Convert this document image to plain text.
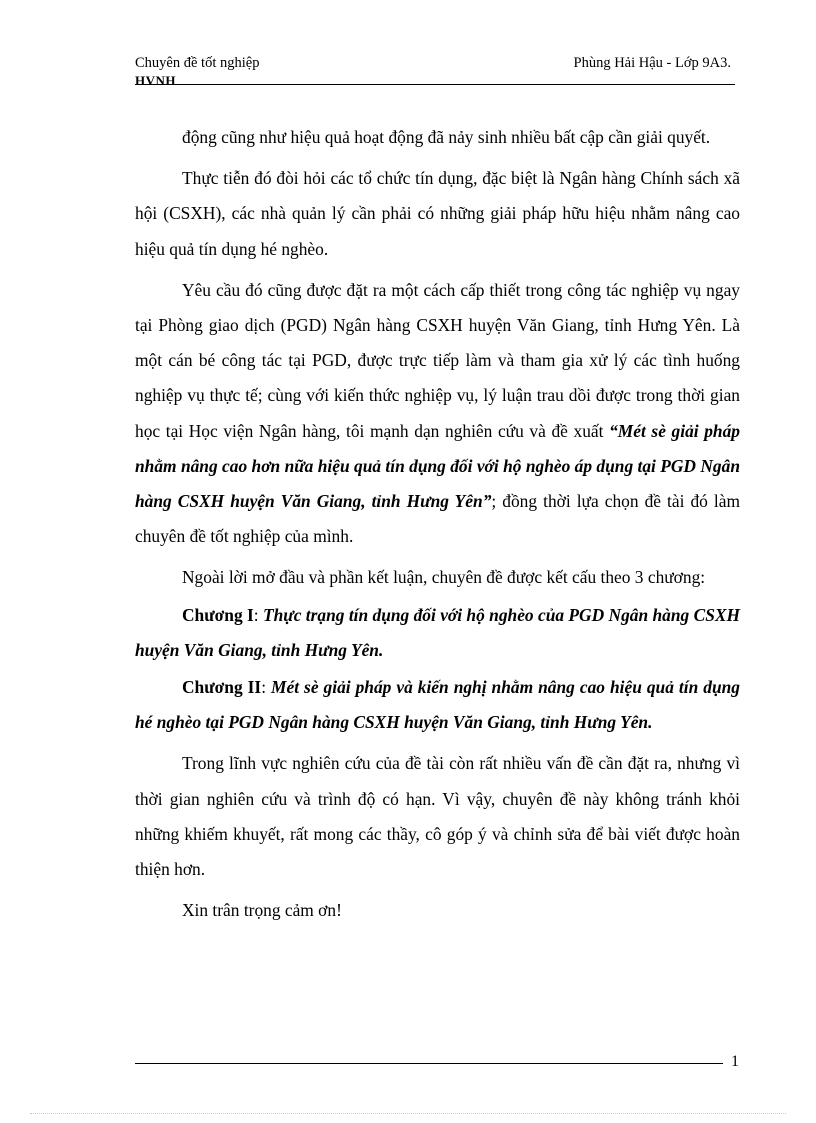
Chuyên đề tốt nghiệp
HVNH
Phùng Hải Hậu - Lớp 9A3.

động cũng như hiệu quả hoạt động đã nảy sinh nhiều bất cập cần giải quyết.

Thực tiễn đó đòi hỏi các tổ chức tín dụng, đặc biệt là Ngân hàng Chính sách xã hội (CSXH), các nhà quản lý cần phải có những giải pháp hữu hiệu nhằm nâng cao hiệu quả tín dụng hé nghèo.

Yêu cầu đó cũng được đặt ra một cách cấp thiết trong công tác nghiệp vụ ngay tại Phòng giao dịch (PGD) Ngân hàng CSXH huyện Văn Giang, tỉnh Hưng Yên. Là một cán bé công tác tại PGD, được trực tiếp làm và tham gia xử lý các tình huống nghiệp vụ thực tế; cùng với kiến thức nghiệp vụ, lý luận trau dồi được trong thời gian học tại Học viện Ngân hàng, tôi mạnh dạn nghiên cứu và đề xuất “Mét sè giải pháp nhằm nâng cao hơn nữa hiệu quả tín dụng đối với hộ nghèo áp dụng tại PGD Ngân hàng CSXH huyện Văn Giang, tỉnh Hưng Yên”; đồng thời lựa chọn đề tài đó làm chuyên đề tốt nghiệp của mình.

Ngoài lời mở đầu và phần kết luận, chuyên đề được kết cấu theo 3 chương:

Chương I: Thực trạng tín dụng đối với hộ nghèo của PGD Ngân hàng CSXH huyện Văn Giang, tỉnh Hưng Yên.

Chương II: Mét sè giải pháp và kiến nghị nhằm nâng cao hiệu quả tín dụng hé nghèo tại PGD Ngân hàng CSXH huyện Văn Giang, tỉnh Hưng Yên.

Trong lĩnh vực nghiên cứu của đề tài còn rất nhiều vấn đề cần đặt ra, nhưng vì thời gian nghiên cứu và trình độ có hạn. Vì vậy, chuyên đề này không tránh khỏi những khiếm khuyết, rất mong các thầy, cô góp ý và chỉnh sửa để bài viết được hoàn thiện hơn.

Xin trân trọng cảm ơn!

1
